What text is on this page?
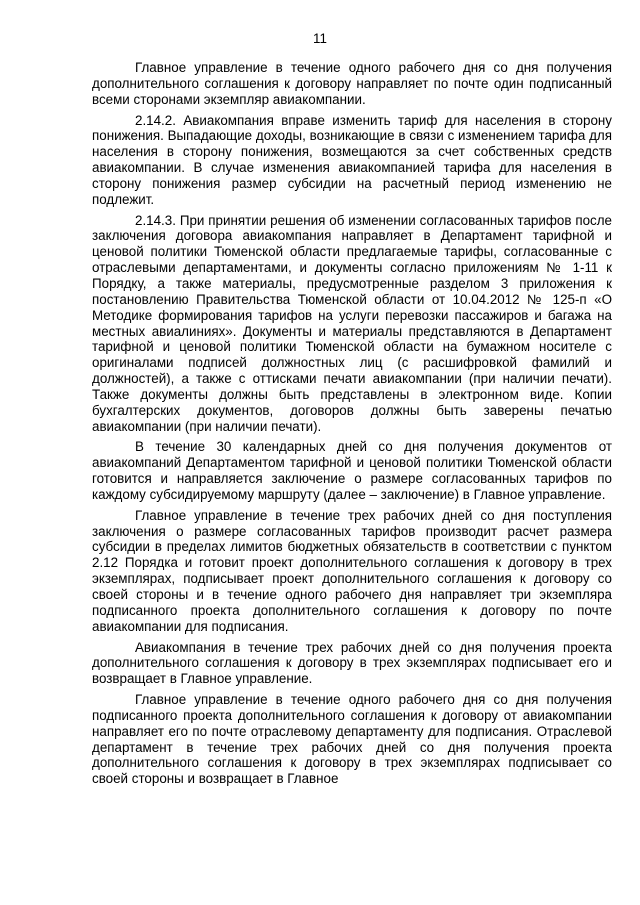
11

Главное управление в течение одного рабочего дня со дня получения дополнительного соглашения к договору направляет по почте один подписанный всеми сторонами экземпляр авиакомпании.

2.14.2. Авиакомпания вправе изменить тариф для населения в сторону понижения. Выпадающие доходы, возникающие в связи с изменением тарифа для населения в сторону понижения, возмещаются за счет собственных средств авиакомпании. В случае изменения авиакомпанией тарифа для населения в сторону понижения размер субсидии на расчетный период изменению не подлежит.

2.14.3. При принятии решения об изменении согласованных тарифов после заключения договора авиакомпания направляет в Департамент тарифной и ценовой политики Тюменской области предлагаемые тарифы, согласованные с отраслевыми департаментами, и документы согласно приложениям № 1-11 к Порядку, а также материалы, предусмотренные разделом 3 приложения к постановлению Правительства Тюменской области от 10.04.2012 № 125-п «О Методике формирования тарифов на услуги перевозки пассажиров и багажа на местных авиалиниях». Документы и материалы представляются в Департамент тарифной и ценовой политики Тюменской области на бумажном носителе с оригиналами подписей должностных лиц (с расшифровкой фамилий и должностей), а также с оттисками печати авиакомпании (при наличии печати). Также документы должны быть представлены в электронном виде. Копии бухгалтерских документов, договоров должны быть заверены печатью авиакомпании (при наличии печати).

В течение 30 календарных дней со дня получения документов от авиакомпаний Департаментом тарифной и ценовой политики Тюменской области готовится и направляется заключение о размере согласованных тарифов по каждому субсидируемому маршруту (далее – заключение) в Главное управление.

Главное управление в течение трех рабочих дней со дня поступления заключения о размере согласованных тарифов производит расчет размера субсидии в пределах лимитов бюджетных обязательств в соответствии с пунктом 2.12 Порядка и готовит проект дополнительного соглашения к договору в трех экземплярах, подписывает проект дополнительного соглашения к договору со своей стороны и в течение одного рабочего дня направляет три экземпляра подписанного проекта дополнительного соглашения к договору по почте авиакомпании для подписания.

Авиакомпания в течение трех рабочих дней со дня получения проекта дополнительного соглашения к договору в трех экземплярах подписывает его и возвращает в Главное управление.

Главное управление в течение одного рабочего дня со дня получения подписанного проекта дополнительного соглашения к договору от авиакомпании направляет его по почте отраслевому департаменту для подписания. Отраслевой департамент в течение трех рабочих дней со дня получения проекта дополнительного соглашения к договору в трех экземплярах подписывает со своей стороны и возвращает в Главное
